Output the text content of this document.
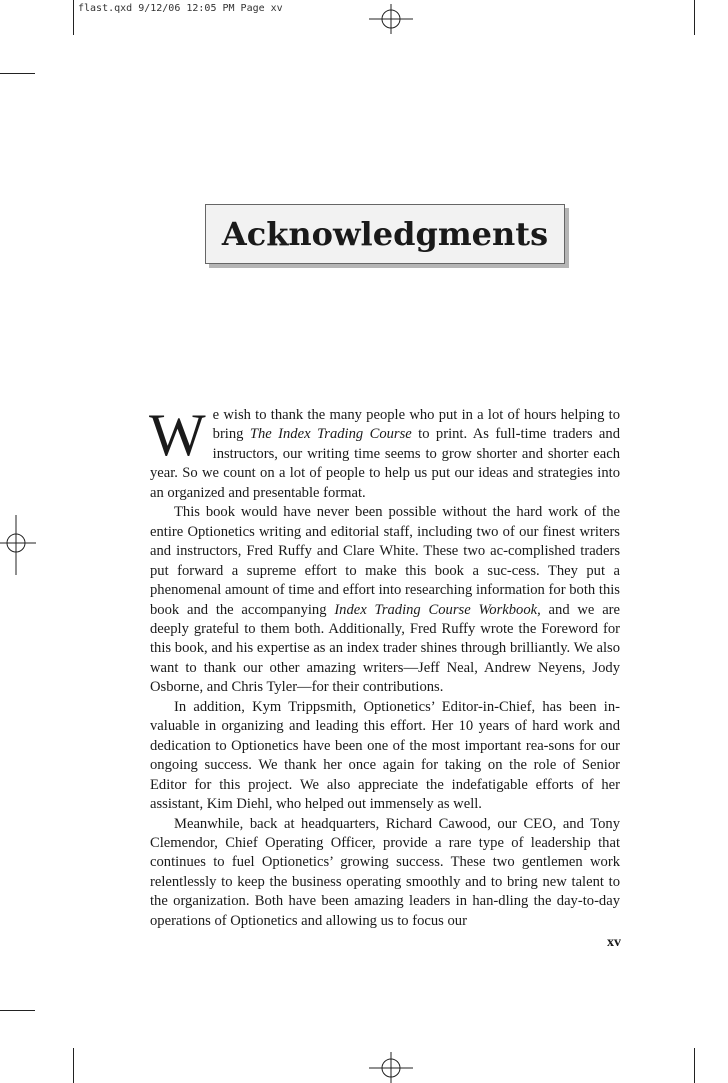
flast.qxd 9/12/06 12:05 PM Page xv
Acknowledgments

We wish to thank the many people who put in a lot of hours helping to bring The Index Trading Course to print. As full-time traders and instructors, our writing time seems to grow shorter and shorter each year. So we count on a lot of people to help us put our ideas and strategies into an organized and presentable format.

This book would have never been possible without the hard work of the entire Optionetics writing and editorial staff, including two of our finest writers and instructors, Fred Ruffy and Clare White. These two ac-complished traders put forward a supreme effort to make this book a suc-cess. They put a phenomenal amount of time and effort into researching information for both this book and the accompanying Index Trading Course Workbook, and we are deeply grateful to them both. Additionally, Fred Ruffy wrote the Foreword for this book, and his expertise as an index trader shines through brilliantly. We also want to thank our other amazing writers—Jeff Neal, Andrew Neyens, Jody Osborne, and Chris Tyler—for their contributions.

In addition, Kym Trippsmith, Optionetics’ Editor-in-Chief, has been in-valuable in organizing and leading this effort. Her 10 years of hard work and dedication to Optionetics have been one of the most important rea-sons for our ongoing success. We thank her once again for taking on the role of Senior Editor for this project. We also appreciate the indefatigable efforts of her assistant, Kim Diehl, who helped out immensely as well.

Meanwhile, back at headquarters, Richard Cawood, our CEO, and Tony Clemendor, Chief Operating Officer, provide a rare type of leadership that continues to fuel Optionetics’ growing success. These two gentlemen work relentlessly to keep the business operating smoothly and to bring new talent to the organization. Both have been amazing leaders in han-dling the day-to-day operations of Optionetics and allowing us to focus our

xv
